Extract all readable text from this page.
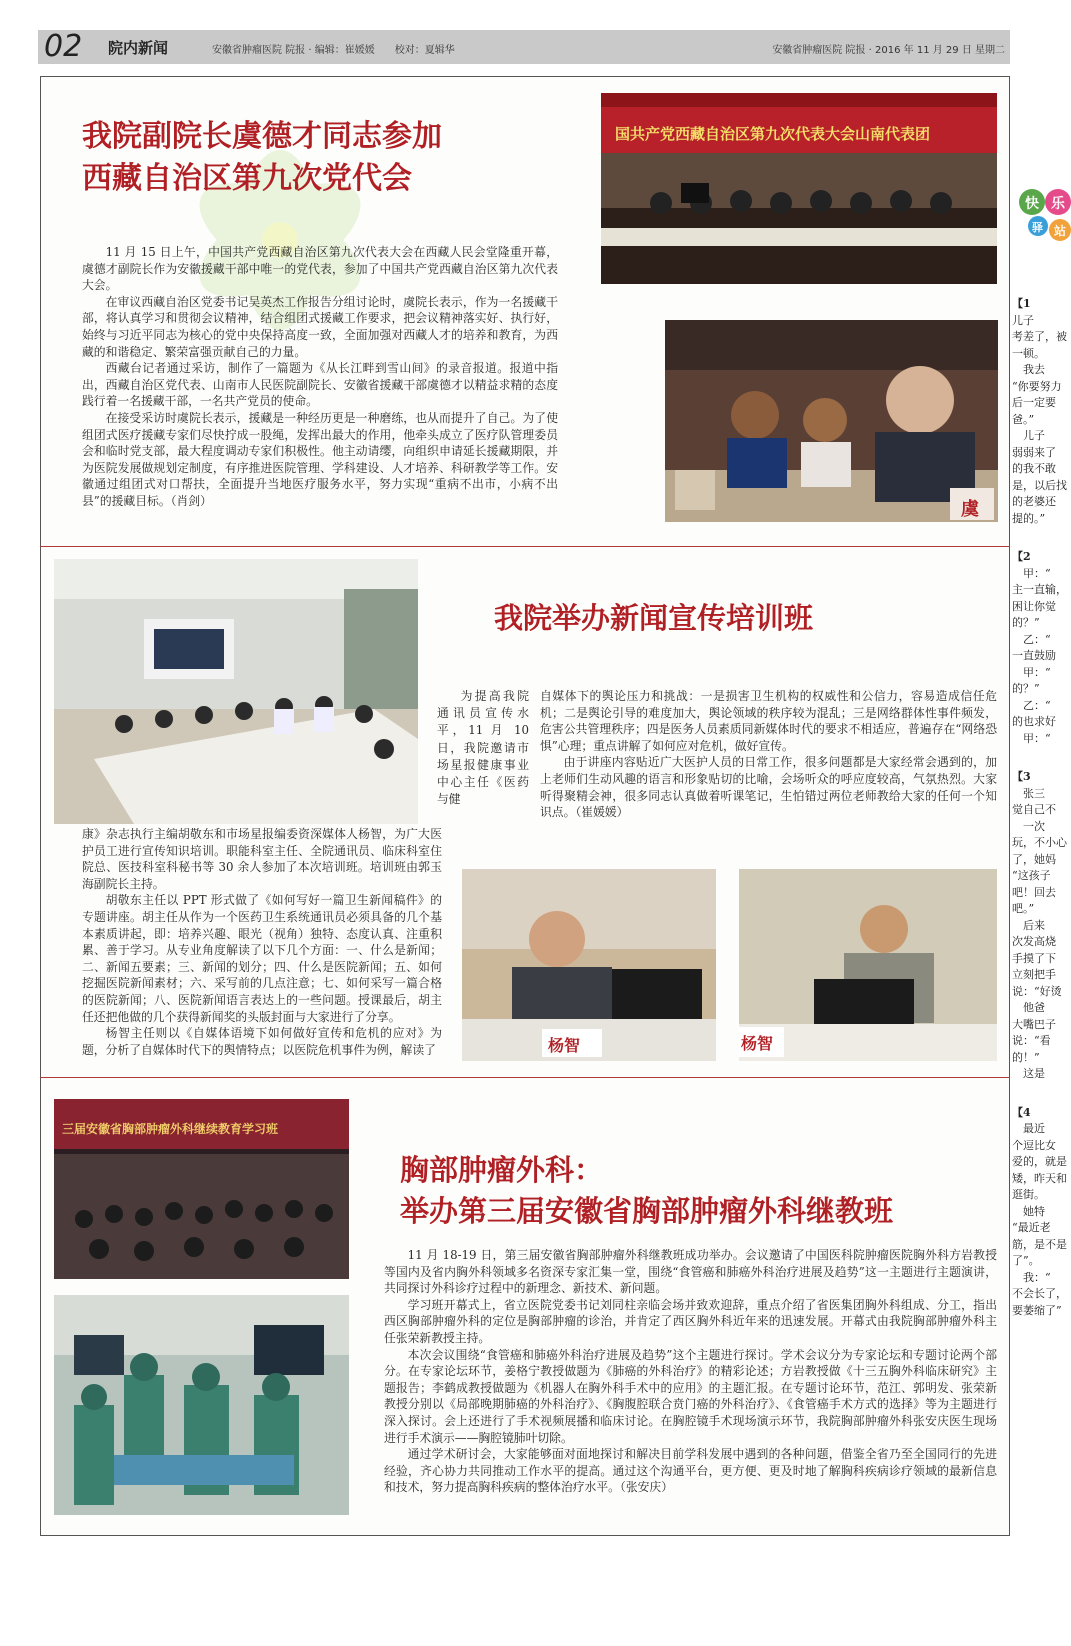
02 院内新闻	安徽省肿瘤医院 院报 · 编辑：崔媛媛　　校对：夏辑华	安徽省肿瘤医院 院报 · 2016 年 11 月 29 日 星期二
我院副院长虞德才同志参加
西藏自治区第九次党代会
国共产党西藏自治区第九次代表大会山南代表团
虞

11 月 15 日上午，中国共产党西藏自治区第九次代表大会在西藏人民会堂隆重开幕，虞德才副院长作为安徽援藏干部中唯一的党代表，参加了中国共产党西藏自治区第九次代表大会。

在审议西藏自治区党委书记吴英杰工作报告分组讨论时，虞院长表示，作为一名援藏干部，将认真学习和贯彻会议精神，结合组团式援藏工作要求，把会议精神落实好、执行好，始终与习近平同志为核心的党中央保持高度一致，全面加强对西藏人才的培养和教育，为西藏的和谐稳定、繁荣富强贡献自己的力量。

西藏台记者通过采访，制作了一篇题为《从长江畔到雪山间》的录音报道。报道中指出，西藏自治区党代表、山南市人民医院副院长、安徽省援藏干部虞德才以精益求精的态度践行着一名援藏干部，一名共产党员的使命。

在接受采访时虞院长表示，援藏是一种经历更是一种磨练，也从而提升了自己。为了使组团式医疗援藏专家们尽快拧成一股绳，发挥出最大的作用，他牵头成立了医疗队管理委员会和临时党支部，最大程度调动专家们积极性。他主动请缨，向组织申请延长援藏期限，并为医院发展做规划定制度，有序推进医院管理、学科建设、人才培养、科研教学等工作。安徽通过组团式对口帮扶，全面提升当地医疗服务水平，努力实现“重病不出市，小病不出县”的援藏目标。（肖剑）

我院举办新闻宣传培训班

为提高我院通讯员宣传水平，11 月 10 日，我院邀请市场星报健康事业中心主任《医药与健

康》杂志执行主编胡敬东和市场星报编委资深媒体人杨智，为广大医护员工进行宣传知识培训。职能科室主任、全院通讯员、临床科室住院总、医技科室科秘书等 30 余人参加了本次培训班。培训班由郭玉海副院长主持。

胡敬东主任以 PPT 形式做了《如何写好一篇卫生新闻稿件》的专题讲座。胡主任从作为一个医药卫生系统通讯员必须具备的几个基本素质讲起，即：培养兴趣、眼光（视角）独特、态度认真、注重积累、善于学习。从专业角度解读了以下几个方面：一、什么是新闻；二、新闻五要素；三、新闻的划分；四、什么是医院新闻；五、如何挖掘医院新闻素材；六、采写前的几点注意；七、如何采写一篇合格的医院新闻；八、医院新闻语言表达上的一些问题。授课最后，胡主任还把他做的几个获得新闻奖的头版封面与大家进行了分享。

杨智主任则以《自媒体语境下如何做好宣传和危机的应对》为题，分析了自媒体时代下的舆情特点；以医院危机事件为例，解读了

自媒体下的舆论压力和挑战：一是损害卫生机构的权威性和公信力，容易造成信任危机；二是舆论引导的难度加大，舆论领域的秩序较为混乱；三是网络群体性事件频发，危害公共管理秩序；四是医务人员素质同新媒体时代的要求不相适应，普遍存在“网络恐惧”心理；重点讲解了如何应对危机，做好宣传。

由于讲座内容贴近广大医护人员的日常工作，很多问题都是大家经常会遇到的，加上老师们生动风趣的语言和形象贴切的比喻，会场听众的呼应度较高，气氛热烈。大家听得聚精会神，很多同志认真做着听课笔记，生怕错过两位老师教给大家的任何一个知识点。（崔媛媛）

杨智	杨智
三届安徽省胸部肿瘤外科继续教育学习班
胸部肿瘤外科：
举办第三届安徽省胸部肿瘤外科继教班

11 月 18-19 日，第三届安徽省胸部肿瘤外科继教班成功举办。会议邀请了中国医科院肿瘤医院胸外科方岩教授等国内及省内胸外科领域多名资深专家汇集一堂，围绕“食管癌和肺癌外科治疗进展及趋势”这一主题进行主题演讲，共同探讨外科诊疗过程中的新理念、新技术、新问题。

学习班开幕式上，省立医院党委书记刘同柱亲临会场并致欢迎辞，重点介绍了省医集团胸外科组成、分工，指出西区胸部肿瘤外科的定位是胸部肿瘤的诊治，并肯定了西区胸外科近年来的迅速发展。开幕式由我院胸部肿瘤外科主任张荣新教授主持。

本次会议围绕“食管癌和肺癌外科治疗进展及趋势”这个主题进行探讨。学术会议分为专家论坛和专题讨论两个部分。在专家论坛环节，姜格宁教授做题为《肺癌的外科治疗》的精彩论述；方岩教授做《十三五胸外科临床研究》主题报告；李鹤成教授做题为《机器人在胸外科手术中的应用》的主题汇报。在专题讨论环节，范江、郭明发、张荣新教授分别以《局部晚期肺癌的外科治疗》、《胸腹腔联合贲门癌的外科治疗》、《食管癌手术方式的选择》等为主题进行深入探讨。会上还进行了手术视频展播和临床讨论。在胸腔镜手术现场演示环节，我院胸部肿瘤外科张安庆医生现场进行手术演示——胸腔镜肺叶切除。

通过学术研讨会，大家能够面对面地探讨和解决目前学科发展中遇到的各种问题，借鉴全省乃至全国同行的先进经验，齐心协力共同推动工作水平的提高。通过这个沟通平台，更方便、更及时地了解胸科疾病诊疗领域的最新信息和技术，努力提高胸科疾病的整体治疗水平。（张安庆）

快 乐
驿 站
【1
儿子
考差了，被
一顿。
　我去
“你要努力
后一定要
爸。”
　儿子
弱弱来了
的我不敢
是，以后找
的老婆还
提的。”
【2
　甲：“
主一直输，
困让你觉
的？”
　乙：“
一直鼓励
　甲：“
的？”
　乙：“
的也求好
　甲：“
【3
　张三
觉自己不
　一次
玩，不小心
了，她妈
“这孩子
吧！回去
吧。”
　后来
次发高烧
手摸了下
立刻把手
说：“好烫
　他爸
大嘴巴子
说：“看
的！”
　这是
【4
　最近
个逗比女
爱的，就是
矮，昨天和
逛街。
　她特
“最近老
筋，是不是
了”。
　我：“
不会长了，
要萎缩了”
